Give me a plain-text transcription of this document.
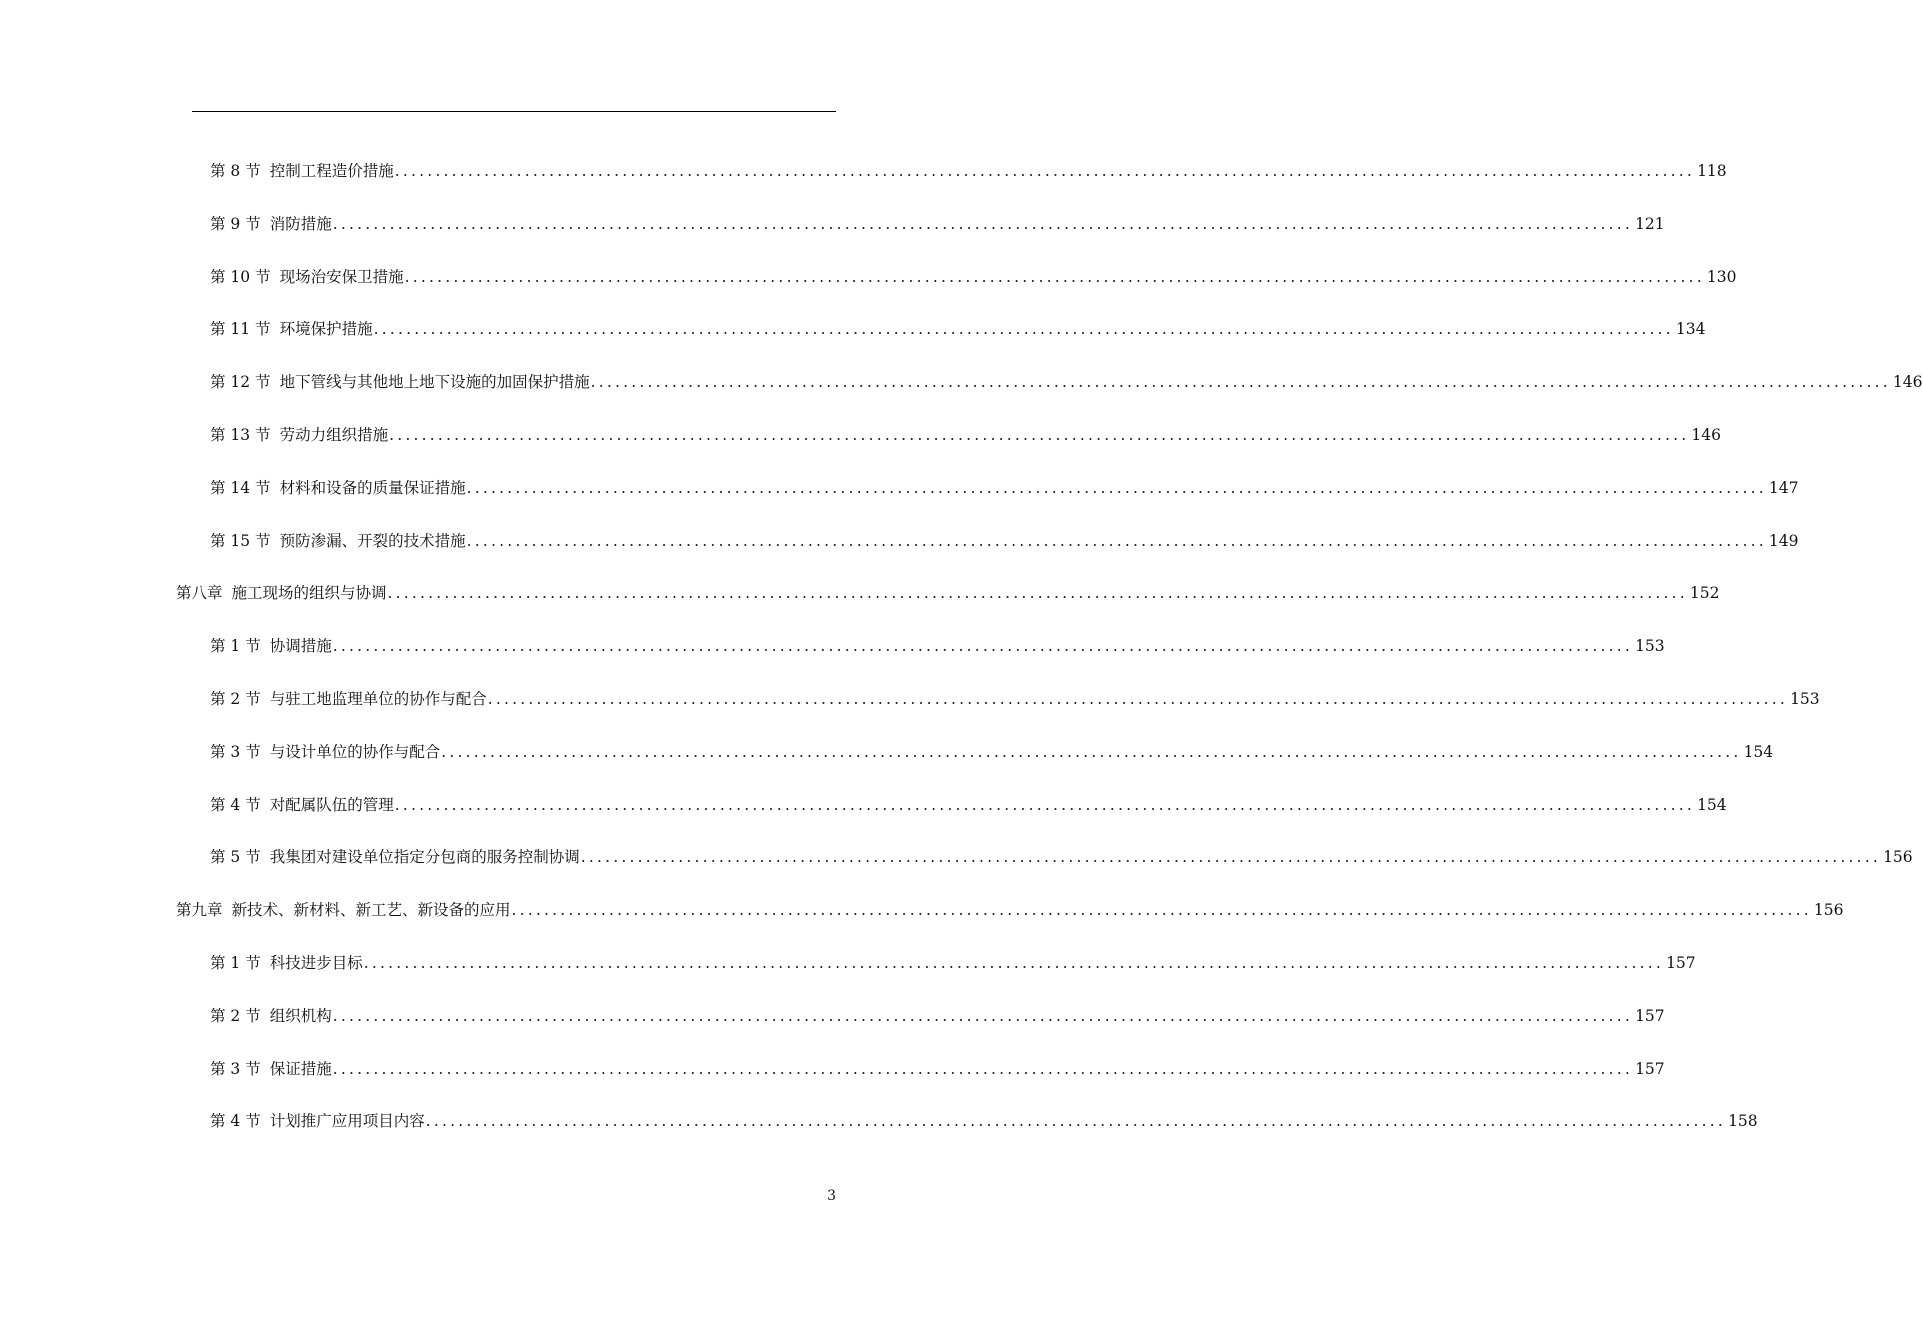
第 8 节 控制工程造价措施 ................................................................................................................................................................ 118
第 9 节 消防措施 ................................................................................................................................................................ 121
第 10 节 现场治安保卫措施 ................................................................................................................................................................ 130
第 11 节 环境保护措施 ................................................................................................................................................................ 134
第 12 节 地下管线与其他地上地下设施的加固保护措施 ................................................................................................................................................................ 146
第 13 节 劳动力组织措施 ................................................................................................................................................................ 146
第 14 节 材料和设备的质量保证措施 ................................................................................................................................................................ 147
第 15 节 预防渗漏、开裂的技术措施 ................................................................................................................................................................ 149
第八章 施工现场的组织与协调 ................................................................................................................................................................ 152
第 1 节 协调措施 ................................................................................................................................................................ 153
第 2 节 与驻工地监理单位的协作与配合 ................................................................................................................................................................ 153
第 3 节 与设计单位的协作与配合 ................................................................................................................................................................ 154
第 4 节 对配属队伍的管理 ................................................................................................................................................................ 154
第 5 节 我集团对建设单位指定分包商的服务控制协调 ................................................................................................................................................................ 156
第九章 新技术、新材料、新工艺、新设备的应用 ................................................................................................................................................................ 156
第 1 节 科技进步目标 ................................................................................................................................................................ 157
第 2 节 组织机构 ................................................................................................................................................................ 157
第 3 节 保证措施 ................................................................................................................................................................ 157
第 4 节 计划推广应用项目内容 ................................................................................................................................................................ 158
3
